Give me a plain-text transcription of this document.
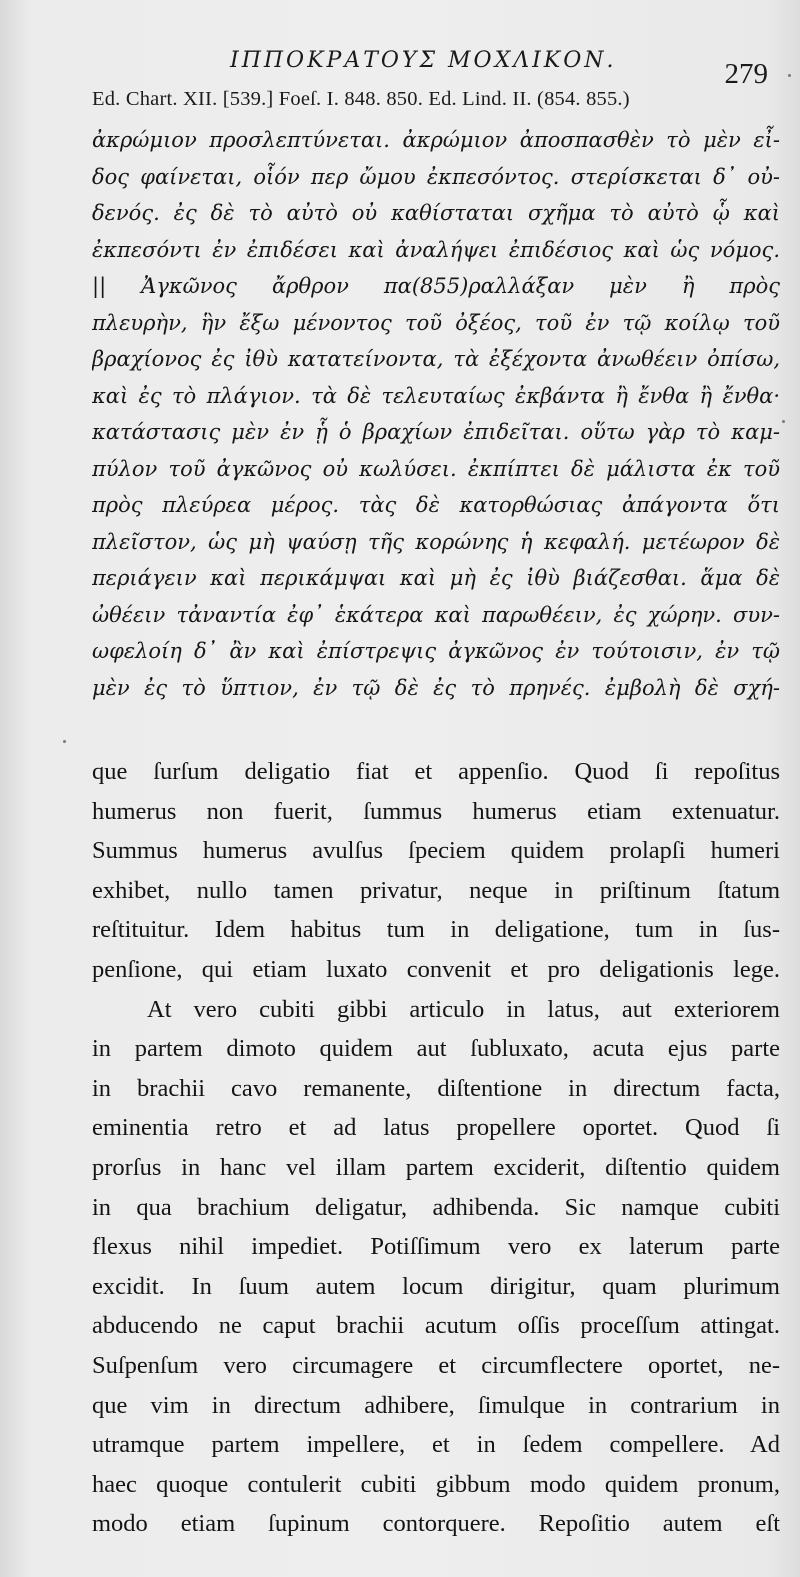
ΙΠΠΟΚΡΑΤΟΥΣ ΜΟΧΛΙΚΟΝ.	279
Ed. Chart. XII. [539.] Foeſ. I. 848. 850. Ed. Lind. II. (854. 855.)
ἀκρώμιον προσλεπτύνεται. ἀκρώμιον ἀποσπασθὲν τὸ μὲν εἶ-
δος φαίνεται, οἷόν περ ὤμου ἐκπεσόντος. στερίσκεται δ᾽ οὐ-
δενός. ἐς δὲ τὸ αὐτὸ οὐ καθίσταται σχῆμα τὸ αὐτὸ ᾧ καὶ
ἐκπεσόντι ἐν ἐπιδέσει καὶ ἀναλήψει ἐπιδέσιος καὶ ὡς νόμος.
|| Ἀγκῶνος ἄρθρον πα(855)ραλλάξαν μὲν ἢ πρὸς
πλευρὴν, ἣν ἔξω μένοντος τοῦ ὀξέος, τοῦ ἐν τῷ κοίλῳ τοῦ
βραχίονος ἐς ἰθὺ κατατείνοντα, τὰ ἐξέχοντα ἀνωθέειν ὀπίσω,
καὶ ἐς τὸ πλάγιον. τὰ δὲ τελευταίως ἐκβάντα ἢ ἔνθα ἢ ἔνθα·
κατάστασις μὲν ἐν ᾗ ὁ βραχίων ἐπιδεῖται. οὕτω γὰρ τὸ καμ-
πύλον τοῦ ἀγκῶνος οὐ κωλύσει. ἐκπίπτει δὲ μάλιστα ἐκ τοῦ
πρὸς πλεύρεα μέρος. τὰς δὲ κατορθώσιας ἀπάγοντα ὅτι
πλεῖστον, ὡς μὴ ψαύσῃ τῆς κορώνης ἡ κεφαλή. μετέωρον δὲ
περιάγειν καὶ περικάμψαι καὶ μὴ ἐς ἰθὺ βιάζεσθαι. ἅμα δὲ
ὠθέειν τἀναντία ἐφ᾽ ἑκάτερα καὶ παρωθέειν, ἐς χώρην. συν-
ωφελοίη δ᾽ ἂν καὶ ἐπίστρεψις ἀγκῶνος ἐν τούτοισιν, ἐν τῷ
μὲν ἐς τὸ ὕπτιον, ἐν τῷ δὲ ἐς τὸ πρηνές. ἐμβολὴ δὲ σχή-
que ſurſum deligatio fiat et appenſio. Quod ſi repoſitus
humerus non fuerit, ſummus humerus etiam extenuatur.
Summus humerus avulſus ſpeciem quidem prolapſi humeri
exhibet, nullo tamen privatur, neque in priſtinum ſtatum
reſtituitur. Idem habitus tum in deligatione, tum in ſus-
penſione, qui etiam luxato convenit et pro deligationis lege.
At vero cubiti gibbi articulo in latus, aut exteriorem
in partem dimoto quidem aut ſubluxato, acuta ejus parte
in brachii cavo remanente, diſtentione in directum facta,
eminentia retro et ad latus propellere oportet. Quod ſi
prorſus in hanc vel illam partem exciderit, diſtentio quidem
in qua brachium deligatur, adhibenda. Sic namque cubiti
flexus nihil impediet. Potiſſimum vero ex laterum parte
excidit. In ſuum autem locum dirigitur, quam plurimum
abducendo ne caput brachii acutum oſſis proceſſum attingat.
Suſpenſum vero circumagere et circumflectere oportet, ne-
que vim in directum adhibere, ſimulque in contrarium in
utramque partem impellere, et in ſedem compellere. Ad
haec quoque contulerit cubiti gibbum modo quidem pronum,
modo etiam ſupinum contorquere. Repoſitio autem eſt
